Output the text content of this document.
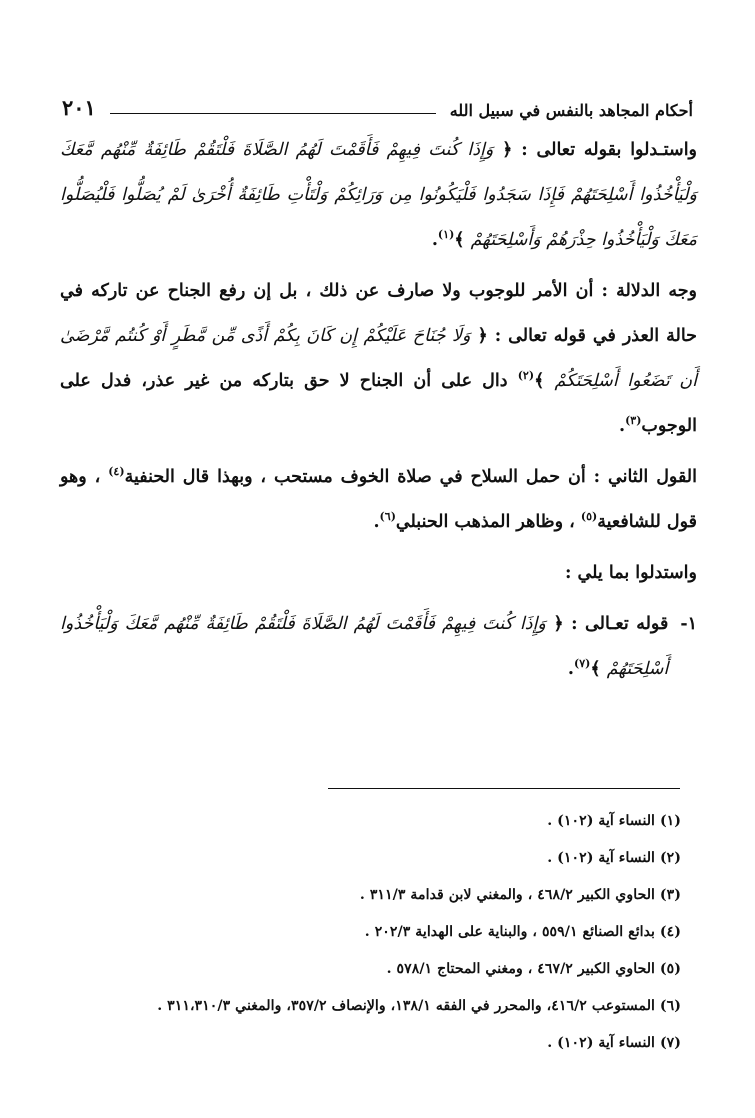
أحكام المجاهد بالنفس في سبيل الله
٢٠١

واستـدلوا بقوله تعالى : ﴿ وَإِذَا كُنتَ فِيهِمْ فَأَقَمْتَ لَهُمُ الصَّلَاةَ فَلْتَقُمْ طَائِفَةٌ مِّنْهُم مَّعَكَ وَلْيَأْخُذُوا أَسْلِحَتَهُمْ فَإِذَا سَجَدُوا فَلْيَكُونُوا مِن وَرَائِكُمْ وَلْتَأْتِ طَائِفَةٌ أُخْرَىٰ لَمْ يُصَلُّوا فَلْيُصَلُّوا مَعَكَ وَلْيَأْخُذُوا حِذْرَهُمْ وَأَسْلِحَتَهُمْ ﴾$^{(١)}$.

وجه الدلالة : أن الأمر للوجوب ولا صارف عن ذلك ، بل إن رفع الجناح عن تاركه في حالة العذر في قوله تعالى : ﴿ وَلَا جُنَاحَ عَلَيْكُمْ إِن كَانَ بِكُمْ أَذًى مِّن مَّطَرٍ أَوْ كُنتُم مَّرْضَىٰ أَن تَضَعُوا أَسْلِحَتَكُمْ ﴾$^{(٢)}$ دال على أن الجناح لا حق بتاركه من غير عذر، فدل على الوجوب$^{(٣)}$.

القول الثاني : أن حمل السلاح في صلاة الخوف مستحب ، وبهذا قال الحنفية$^{(٤)}$ ، وهو قول للشافعية$^{(٥)}$ ، وظاهر المذهب الحنبلي$^{(٦)}$.

واستدلوا بما يلي :

١-
قوله تعـالى : ﴿ وَإِذَا كُنتَ فِيهِمْ فَأَقَمْتَ لَهُمُ الصَّلَاةَ فَلْتَقُمْ طَائِفَةٌ مِّنْهُم مَّعَكَ وَلْيَأْخُذُوا أَسْلِحَتَهُمْ ﴾$^{(٧)}$.
(١) النساء آية (١٠٢) .
(٢) النساء آية (١٠٢) .
(٣) الحاوي الكبير ٤٦٨/٢ ، والمغني لابن قدامة ٣١١/٣ .
(٤) بدائع الصنائع ٥٥٩/١ ، والبناية على الهداية ٢٠٢/٣ .
(٥) الحاوي الكبير ٤٦٧/٢ ، ومغني المحتاج ٥٧٨/١ .
(٦) المستوعب ٤١٦/٢، والمحرر في الفقه ١٣٨/١، والإنصاف ٣٥٧/٢، والمغني ٣١١،٣١٠/٣ .
(٧) النساء آية (١٠٢) .
